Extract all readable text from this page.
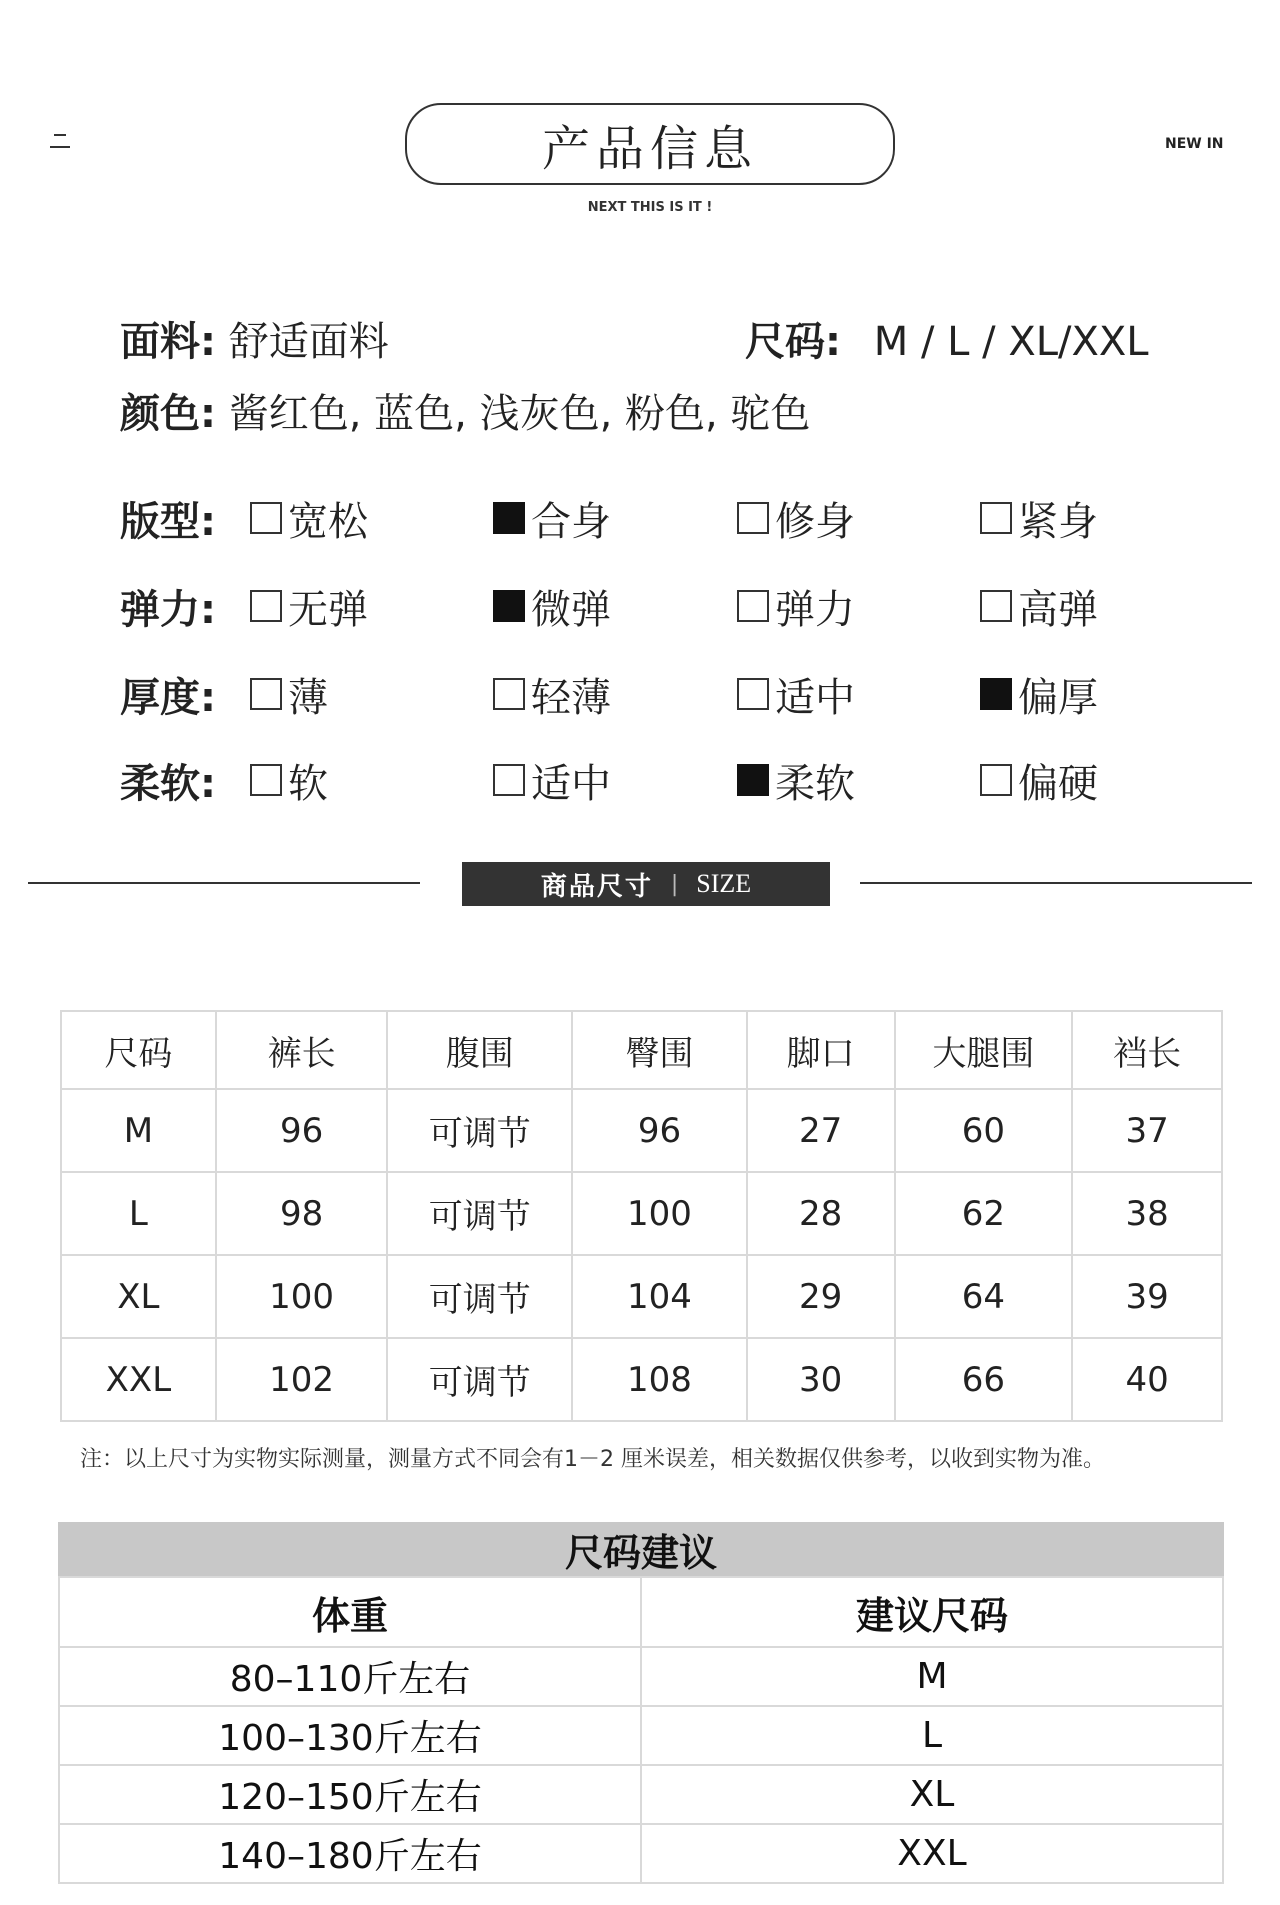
产品信息
NEXT THIS IS IT !
NEW IN
面料: 舒适面料	尺码: M / L / XL/XXL
颜色: 酱红色, 蓝色, 浅灰色, 粉色, 驼色
版型:	宽松	合身	修身	紧身
弹力:	无弹	微弹	弹力	高弹
厚度:	薄	轻薄	适中	偏厚
柔软:	软	适中	柔软	偏硬
商品尺寸 | SIZE
尺码	裤长	腹围	臀围	脚口	大腿围	裆长
M	96	可调节	96	27	60	37
L	98	可调节	100	28	62	38
XL	100	可调节	104	29	64	39
XXL	102	可调节	108	30	66	40
注：以上尺寸为实物实际测量，测量方式不同会有1－2 厘米误差，相关数据仅供参考，以收到实物为准。
尺码建议
体重	建议尺码
80–110斤左右	M
100–130斤左右	L
120–150斤左右	XL
140–180斤左右	XXL
